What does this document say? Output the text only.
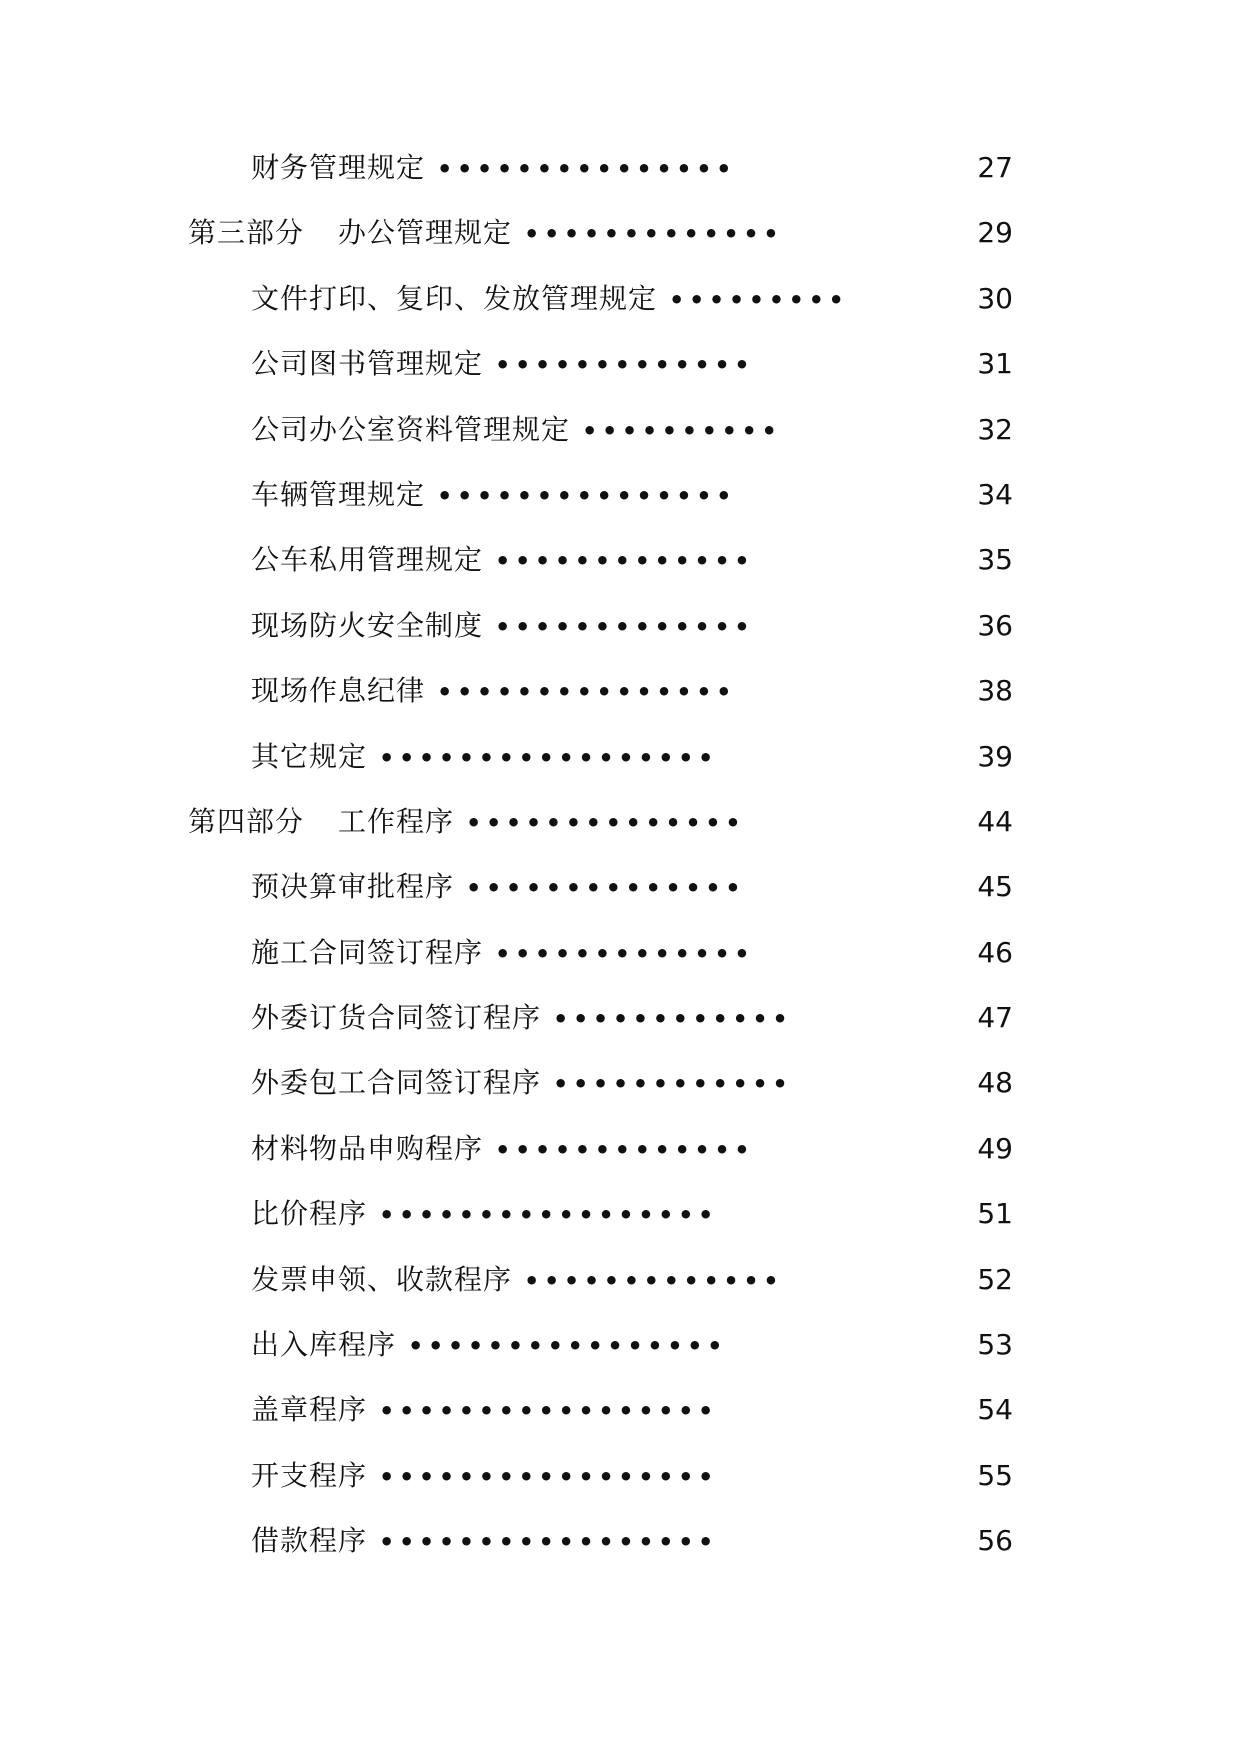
财务管理规定 •••••••••••••••	27
第三部分 办公管理规定 •••••••••••••	29
文件打印、复印、发放管理规定 •••••••••	30
公司图书管理规定 •••••••••••••	31
公司办公室资料管理规定 ••••••••••	32
车辆管理规定 •••••••••••••••	34
公车私用管理规定 •••••••••••••	35
现场防火安全制度 •••••••••••••	36
现场作息纪律 •••••••••••••••	38
其它规定 •••••••••••••••••	39
第四部分 工作程序 ••••••••••••••	44
预决算审批程序 ••••••••••••••	45
施工合同签订程序 •••••••••••••	46
外委订货合同签订程序 ••••••••••••	47
外委包工合同签订程序 ••••••••••••	48
材料物品申购程序 •••••••••••••	49
比价程序 •••••••••••••••••	51
发票申领、收款程序 •••••••••••••	52
出入库程序 ••••••••••••••••	53
盖章程序 •••••••••••••••••	54
开支程序 •••••••••••••••••	55
借款程序 •••••••••••••••••	56
